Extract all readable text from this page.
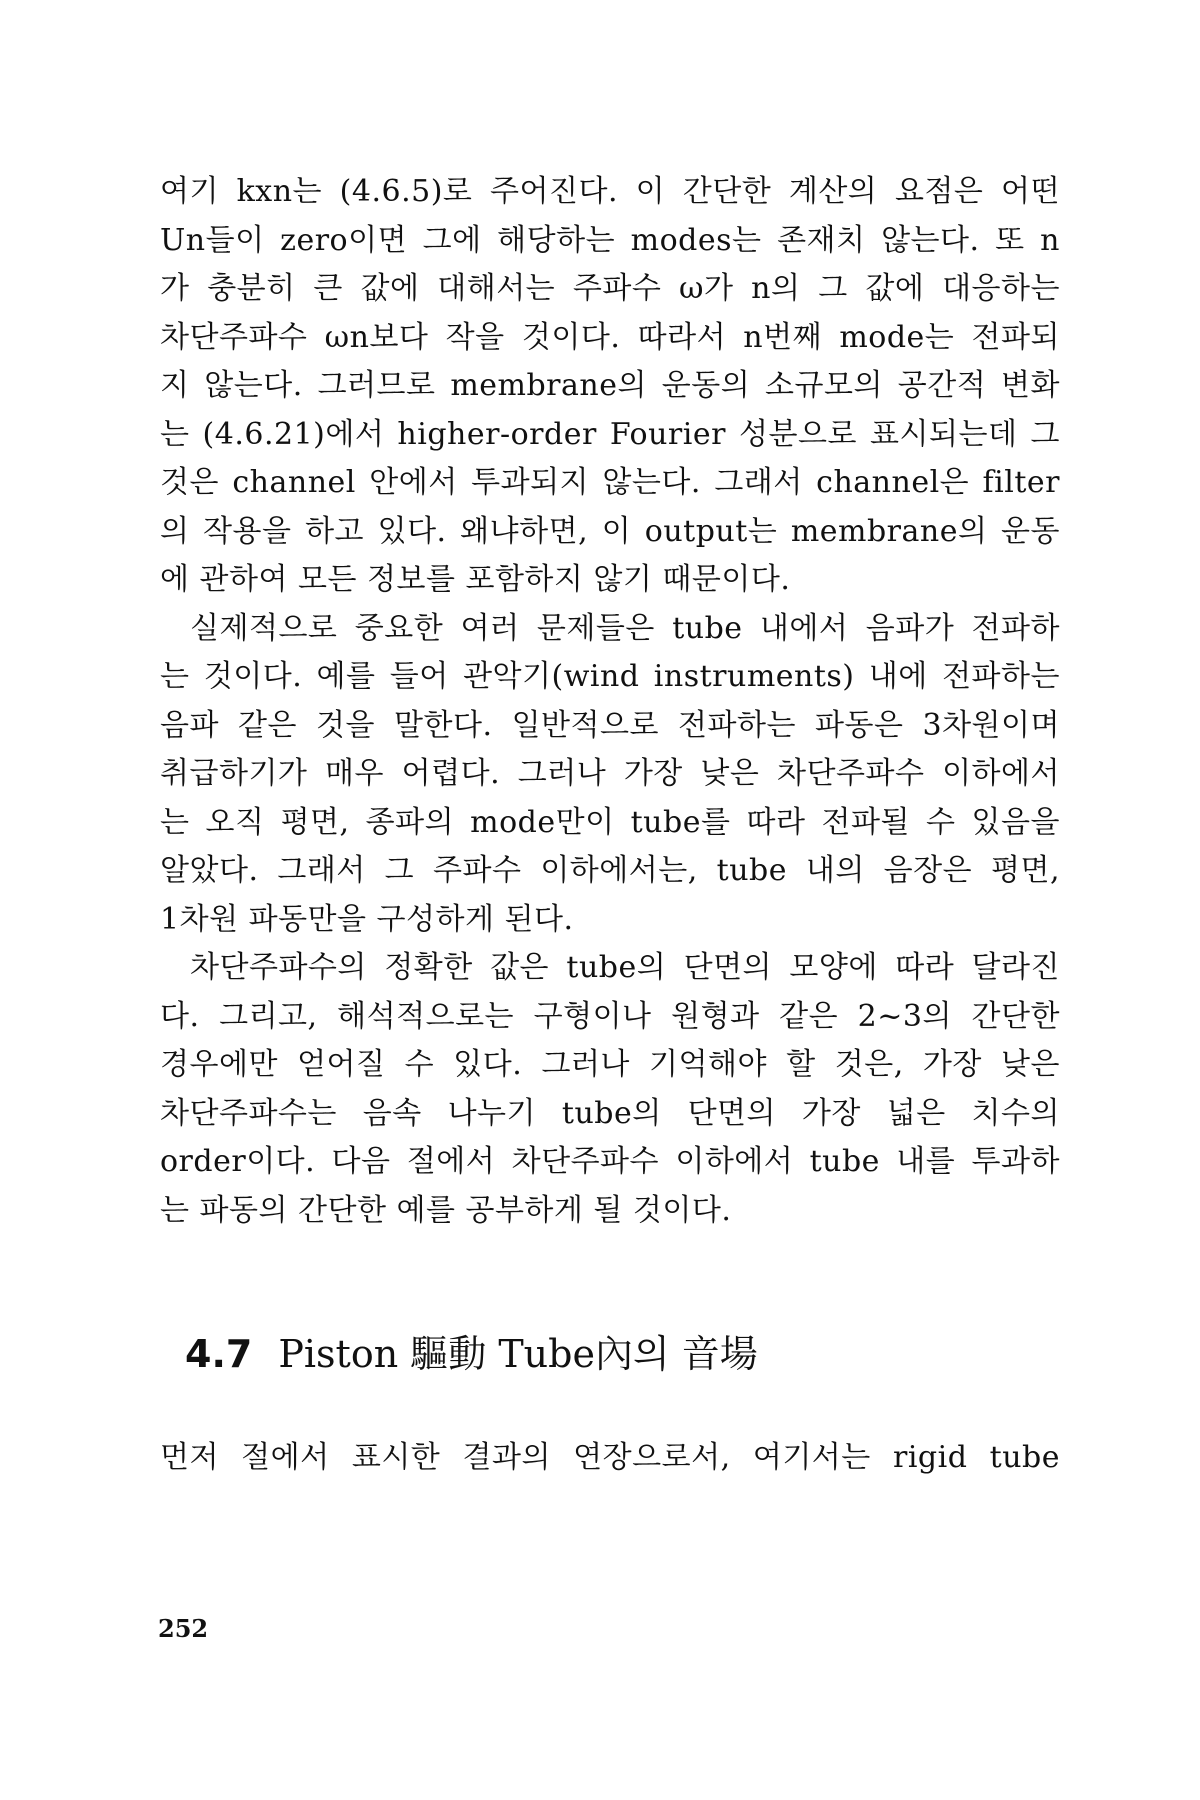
여기 kxn는 (4.6.5)로 주어진다. 이 간단한 계산의 요점은 어떤
Un들이 zero이면 그에 해당하는 modes는 존재치 않는다. 또 n
가 충분히 큰 값에 대해서는 주파수 ω가 n의 그 값에 대응하는
차단주파수 ωn보다 작을 것이다. 따라서 n번째 mode는 전파되
지 않는다. 그러므로 membrane의 운동의 소규모의 공간적 변화
는 (4.6.21)에서 higher-order Fourier 성분으로 표시되는데 그
것은 channel 안에서 투과되지 않는다. 그래서 channel은 filter
의 작용을 하고 있다. 왜냐하면, 이 output는 membrane의 운동
에 관하여 모든 정보를 포함하지 않기 때문이다.
실제적으로 중요한 여러 문제들은 tube 내에서 음파가 전파하
는 것이다. 예를 들어 관악기(wind instruments) 내에 전파하는
음파 같은 것을 말한다. 일반적으로 전파하는 파동은 3차원이며
취급하기가 매우 어렵다. 그러나 가장 낮은 차단주파수 이하에서
는 오직 평면, 종파의 mode만이 tube를 따라 전파될 수 있음을
알았다. 그래서 그 주파수 이하에서는, tube 내의 음장은 평면,
1차원 파동만을 구성하게 된다.
차단주파수의 정확한 값은 tube의 단면의 모양에 따라 달라진
다. 그리고, 해석적으로는 구형이나 원형과 같은 2~3의 간단한
경우에만 얻어질 수 있다. 그러나 기억해야 할 것은, 가장 낮은
차단주파수는 음속 나누기 tube의 단면의 가장 넓은 치수의
order이다. 다음 절에서 차단주파수 이하에서 tube 내를 투과하
는 파동의 간단한 예를 공부하게 될 것이다.
4.7 Piston 驅動 Tube內의 音場
먼저 절에서 표시한 결과의 연장으로서, 여기서는 rigid tube

252
